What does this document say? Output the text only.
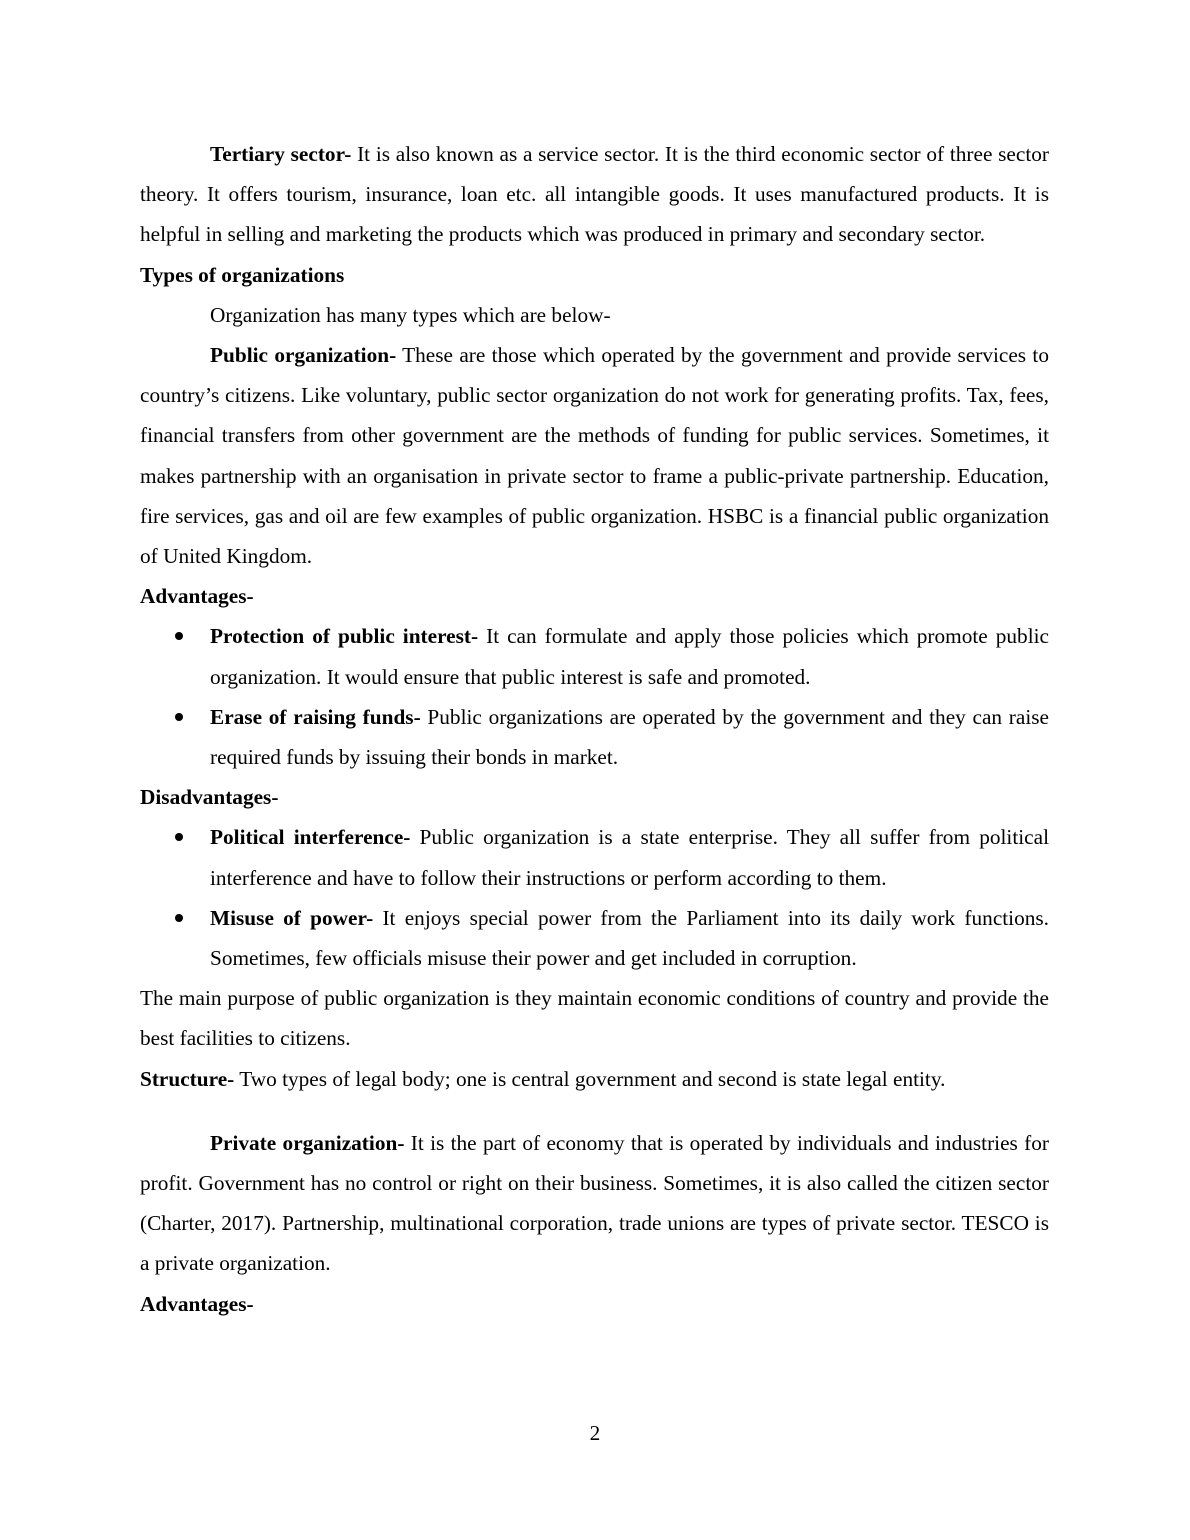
Tertiary sector- It is also known as a service sector. It is the third economic sector of three sector theory. It offers tourism, insurance, loan etc. all intangible goods. It uses manufactured products. It is helpful in selling and marketing the products which was produced in primary and secondary sector.

Types of organizations

Organization has many types which are below-

Public organization- These are those which operated by the government and provide services to country’s citizens. Like voluntary, public sector organization do not work for generating profits. Tax, fees, financial transfers from other government are the methods of funding for public services. Sometimes, it makes partnership with an organisation in private sector to frame a public-private partnership. Education, fire services, gas and oil are few examples of public organization. HSBC is a financial public organization of United Kingdom.

Advantages-

Protection of public interest- It can formulate and apply those policies which promote public organization. It would ensure that public interest is safe and promoted.
Erase of raising funds- Public organizations are operated by the government and they can raise required funds by issuing their bonds in market.

Disadvantages-

Political interference- Public organization is a state enterprise. They all suffer from political interference and have to follow their instructions or perform according to them.
Misuse of power- It enjoys special power from the Parliament into its daily work functions. Sometimes, few officials misuse their power and get included in corruption.

The main purpose of public organization is they maintain economic conditions of country and provide the best facilities to citizens.

Structure- Two types of legal body; one is central government and second is state legal entity.

Private organization- It is the part of economy that is operated by individuals and industries for profit. Government has no control or right on their business. Sometimes, it is also called the citizen sector (Charter, 2017). Partnership, multinational corporation, trade unions are types of private sector. TESCO is a private organization.

Advantages-

2
